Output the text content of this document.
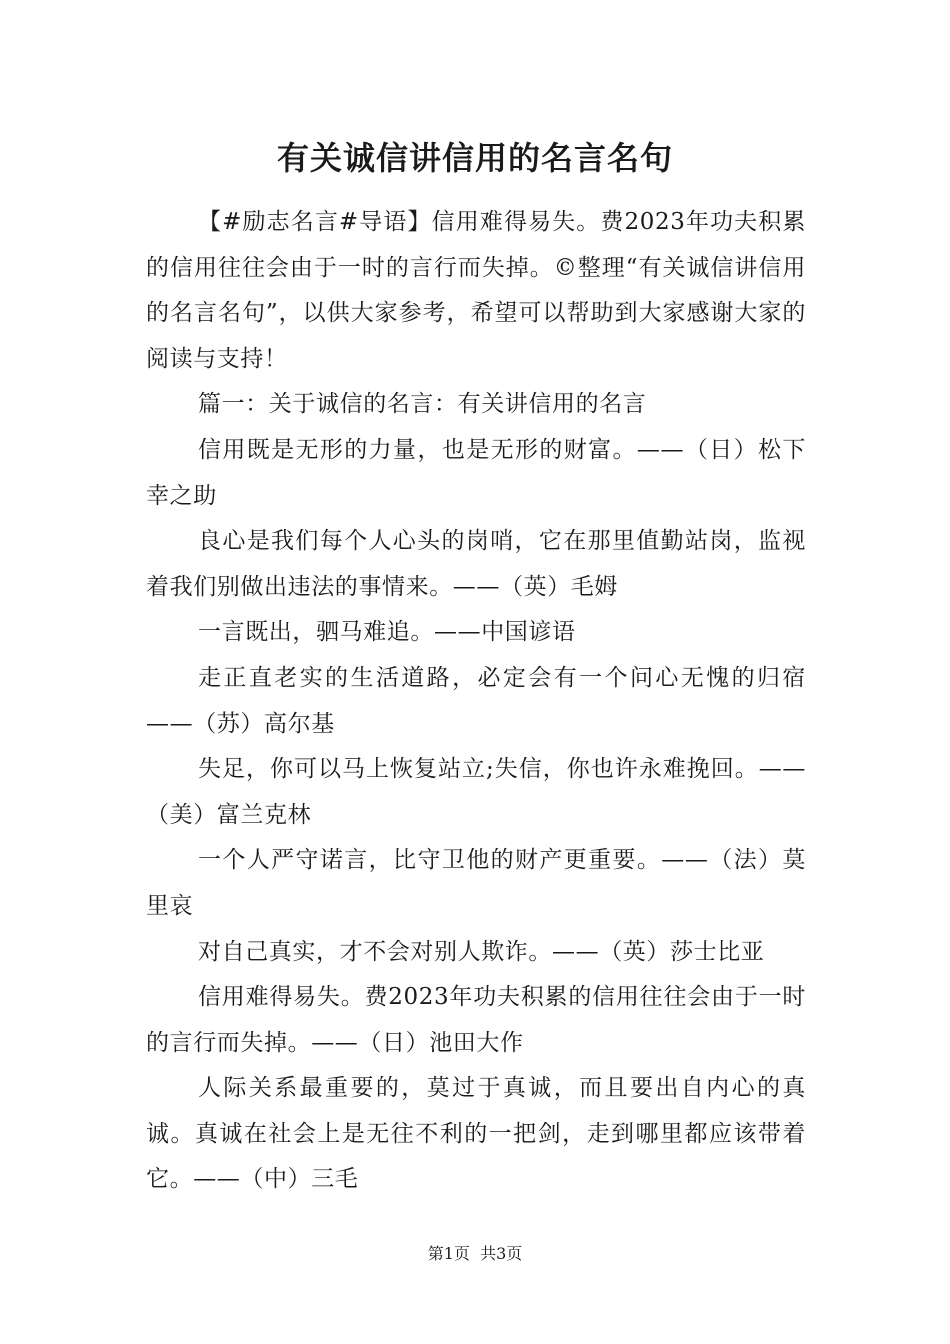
有关诚信讲信用的名言名句

【#励志名言#导语】信用难得易失。费2023年功夫积累的信用往往会由于一时的言行而失掉。©整理“有关诚信讲信用的名言名句”，以供大家参考，希望可以帮助到大家感谢大家的阅读与支持！

篇一：关于诚信的名言：有关讲信用的名言

信用既是无形的力量，也是无形的财富。——（日）松下幸之助

良心是我们每个人心头的岗哨，它在那里值勤站岗，监视着我们别做出违法的事情来。——（英）毛姆

一言既出，驷马难追。——中国谚语

走正直老实的生活道路，必定会有一个问心无愧的归宿——（苏）高尔基

失足，你可以马上恢复站立;失信，你也许永难挽回。——（美）富兰克林

一个人严守诺言，比守卫他的财产更重要。——（法）莫里哀

对自己真实，才不会对别人欺诈。——（英）莎士比亚

信用难得易失。费2023年功夫积累的信用往往会由于一时的言行而失掉。——（日）池田大作

人际关系最重要的，莫过于真诚，而且要出自内心的真诚。真诚在社会上是无往不利的一把剑，走到哪里都应该带着它。——（中）三毛

第1页 共3页
